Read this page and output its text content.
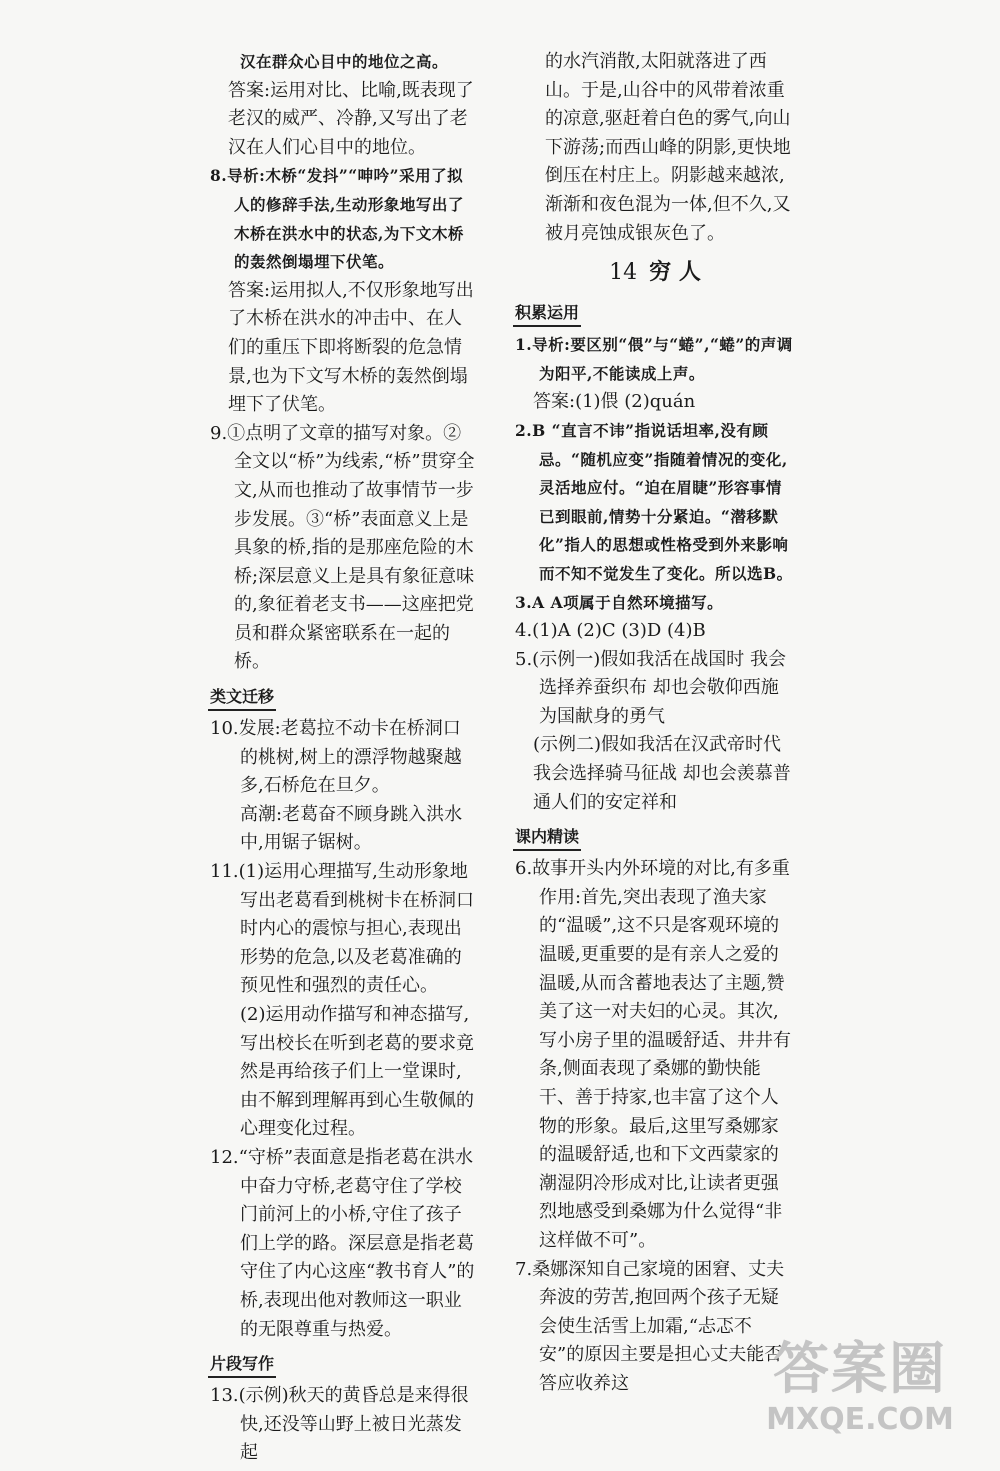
汉在群众心目中的地位之高。

答案:运用对比、比喻,既表现了老汉的威严、冷静,又写出了老汉在人们心目中的地位。

8.导析:木桥“发抖”“呻吟”采用了拟人的修辞手法,生动形象地写出了木桥在洪水中的状态,为下文木桥的轰然倒塌埋下伏笔。

答案:运用拟人,不仅形象地写出了木桥在洪水的冲击中、在人们的重压下即将断裂的危急情景,也为下文写木桥的轰然倒塌埋下了伏笔。

9.①点明了文章的描写对象。②全文以“桥”为线索,“桥”贯穿全文,从而也推动了故事情节一步步发展。③“桥”表面意义上是具象的桥,指的是那座危险的木桥;深层意义上是具有象征意味的,象征着老支书——这座把党员和群众紧密联系在一起的桥。

类文迁移

10.发展:老葛拉不动卡在桥洞口的桃树,树上的漂浮物越聚越多,石桥危在旦夕。

高潮:老葛奋不顾身跳入洪水中,用锯子锯树。

11.(1)运用心理描写,生动形象地写出老葛看到桃树卡在桥洞口时内心的震惊与担心,表现出形势的危急,以及老葛准确的预见性和强烈的责任心。

(2)运用动作描写和神态描写,写出校长在听到老葛的要求竟然是再给孩子们上一堂课时,由不解到理解再到心生敬佩的心理变化过程。

12.“守桥”表面意是指老葛在洪水中奋力守桥,老葛守住了学校门前河上的小桥,守住了孩子们上学的路。深层意是指老葛守住了内心这座“教书育人”的桥,表现出他对教师这一职业的无限尊重与热爱。

片段写作

13.(示例)秋天的黄昏总是来得很快,还没等山野上被日光蒸发起

的水汽消散,太阳就落进了西山。于是,山谷中的风带着浓重的凉意,驱赶着白色的雾气,向山下游荡;而西山峰的阴影,更快地倒压在村庄上。阴影越来越浓,渐渐和夜色混为一体,但不久,又被月亮蚀成银灰色了。

14 穷 人

积累运用

1.导析:要区别“偎”与“蜷”,“蜷”的声调为阳平,不能读成上声。

答案:(1)偎 (2)quán

2.B “直言不讳”指说话坦率,没有顾忌。“随机应变”指随着情况的变化,灵活地应付。“迫在眉睫”形容事情已到眼前,情势十分紧迫。“潜移默化”指人的思想或性格受到外来影响而不知不觉发生了变化。所以选B。

3.A A项属于自然环境描写。

4.(1)A (2)C (3)D (4)B

5.(示例一)假如我活在战国时 我会选择养蚕织布 却也会敬仰西施为国献身的勇气

(示例二)假如我活在汉武帝时代 我会选择骑马征战 却也会羡慕普通人们的安定祥和

课内精读

6.故事开头内外环境的对比,有多重作用:首先,突出表现了渔夫家的“温暖”,这不只是客观环境的温暖,更重要的是有亲人之爱的温暖,从而含蓄地表达了主题,赞美了这一对夫妇的心灵。其次,写小房子里的温暖舒适、井井有条,侧面表现了桑娜的勤快能干、善于持家,也丰富了这个人物的形象。最后,这里写桑娜家的温暖舒适,也和下文西蒙家的潮湿阴冷形成对比,让读者更强烈地感受到桑娜为什么觉得“非这样做不可”。

7.桑娜深知自己家境的困窘、丈夫奔波的劳苦,抱回两个孩子无疑会使生活雪上加霜,“忐忑不安”的原因主要是担心丈夫能否答应收养这	答案圈
MXQE.COM
